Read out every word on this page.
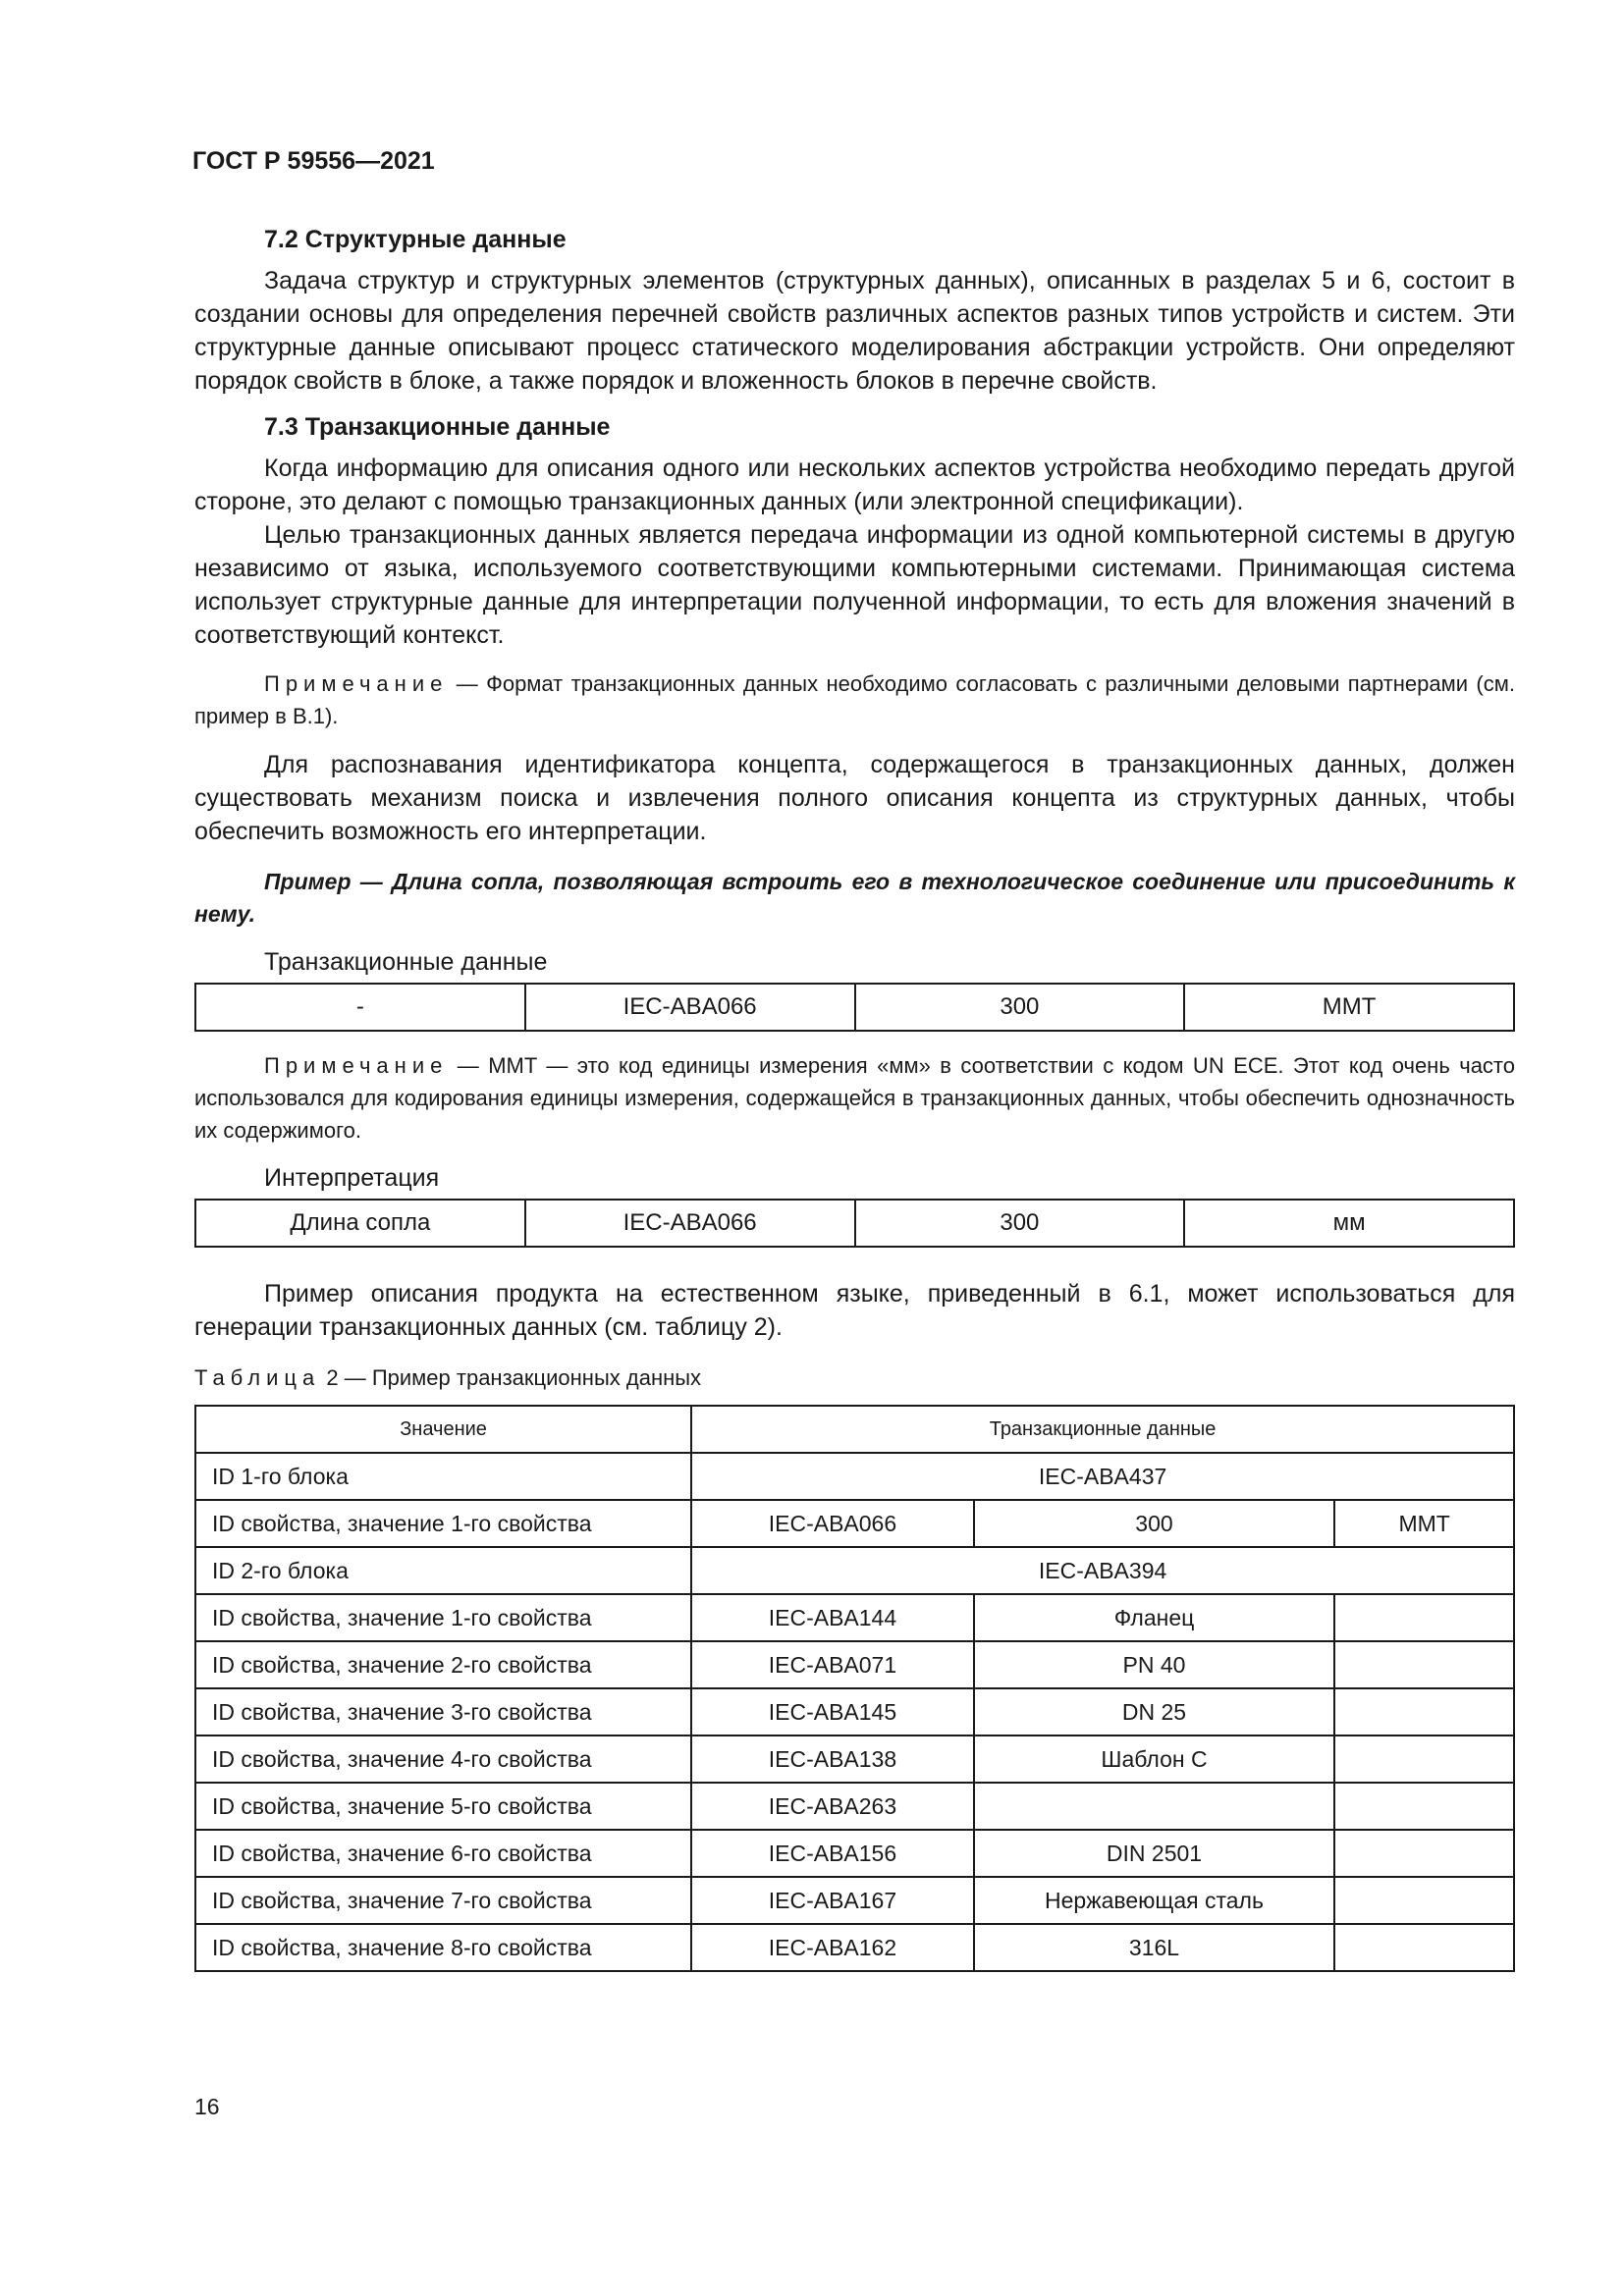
ГОСТ Р 59556—2021
7.2 Структурные данные

Задача структур и структурных элементов (структурных данных), описанных в разделах 5 и 6, состоит в создании основы для определения перечней свойств различных аспектов разных типов устройств и систем. Эти структурные данные описывают процесс статического моделирования абстракции устройств. Они определяют порядок свойств в блоке, а также порядок и вложенность блоков в перечне свойств.

7.3 Транзакционные данные

Когда информацию для описания одного или нескольких аспектов устройства необходимо передать другой стороне, это делают с помощью транзакционных данных (или электронной спецификации).

Целью транзакционных данных является передача информации из одной компьютерной системы в другую независимо от языка, используемого соответствующими компьютерными системами. Принимающая система использует структурные данные для интерпретации полученной информации, то есть для вложения значений в соответствующий контекст.

Примечание — Формат транзакционных данных необходимо согласовать с различными деловыми партнерами (см. пример в В.1).

Для распознавания идентификатора концепта, содержащегося в транзакционных данных, должен существовать механизм поиска и извлечения полного описания концепта из структурных данных, чтобы обеспечить возможность его интерпретации.

Пример — Длина сопла, позволяющая встроить его в технологическое соединение или присоединить к нему.

Транзакционные данные
-	IEC-ABA066	300	MMT

Примечание — MMT — это код единицы измерения «мм» в соответствии с кодом UN ECE. Этот код очень часто использовался для кодирования единицы измерения, содержащейся в транзакционных данных, чтобы обеспечить однозначность их содержимого.

Интерпретация
Длина сопла	IEC-ABA066	300	мм

Пример описания продукта на естественном языке, приведенный в 6.1, может использоваться для генерации транзакционных данных (см. таблицу 2).

Таблица 2 — Пример транзакционных данных
Значение	Транзакционные данные		
ID 1-го блока	IEC-ABA437		
ID свойства, значение 1-го свойства	IEC-ABA066	300	MMT
ID 2-го блока	IEC-ABA394		
ID свойства, значение 1-го свойства	IEC-ABA144	Фланец	
ID свойства, значение 2-го свойства	IEC-ABA071	PN 40	
ID свойства, значение 3-го свойства	IEC-ABA145	DN 25	
ID свойства, значение 4-го свойства	IEC-ABA138	Шаблон С	
ID свойства, значение 5-го свойства	IEC-ABA263		
ID свойства, значение 6-го свойства	IEC-ABA156	DIN 2501	
ID свойства, значение 7-го свойства	IEC-ABA167	Нержавеющая сталь	
ID свойства, значение 8-го свойства	IEC-ABA162	316L	
16
